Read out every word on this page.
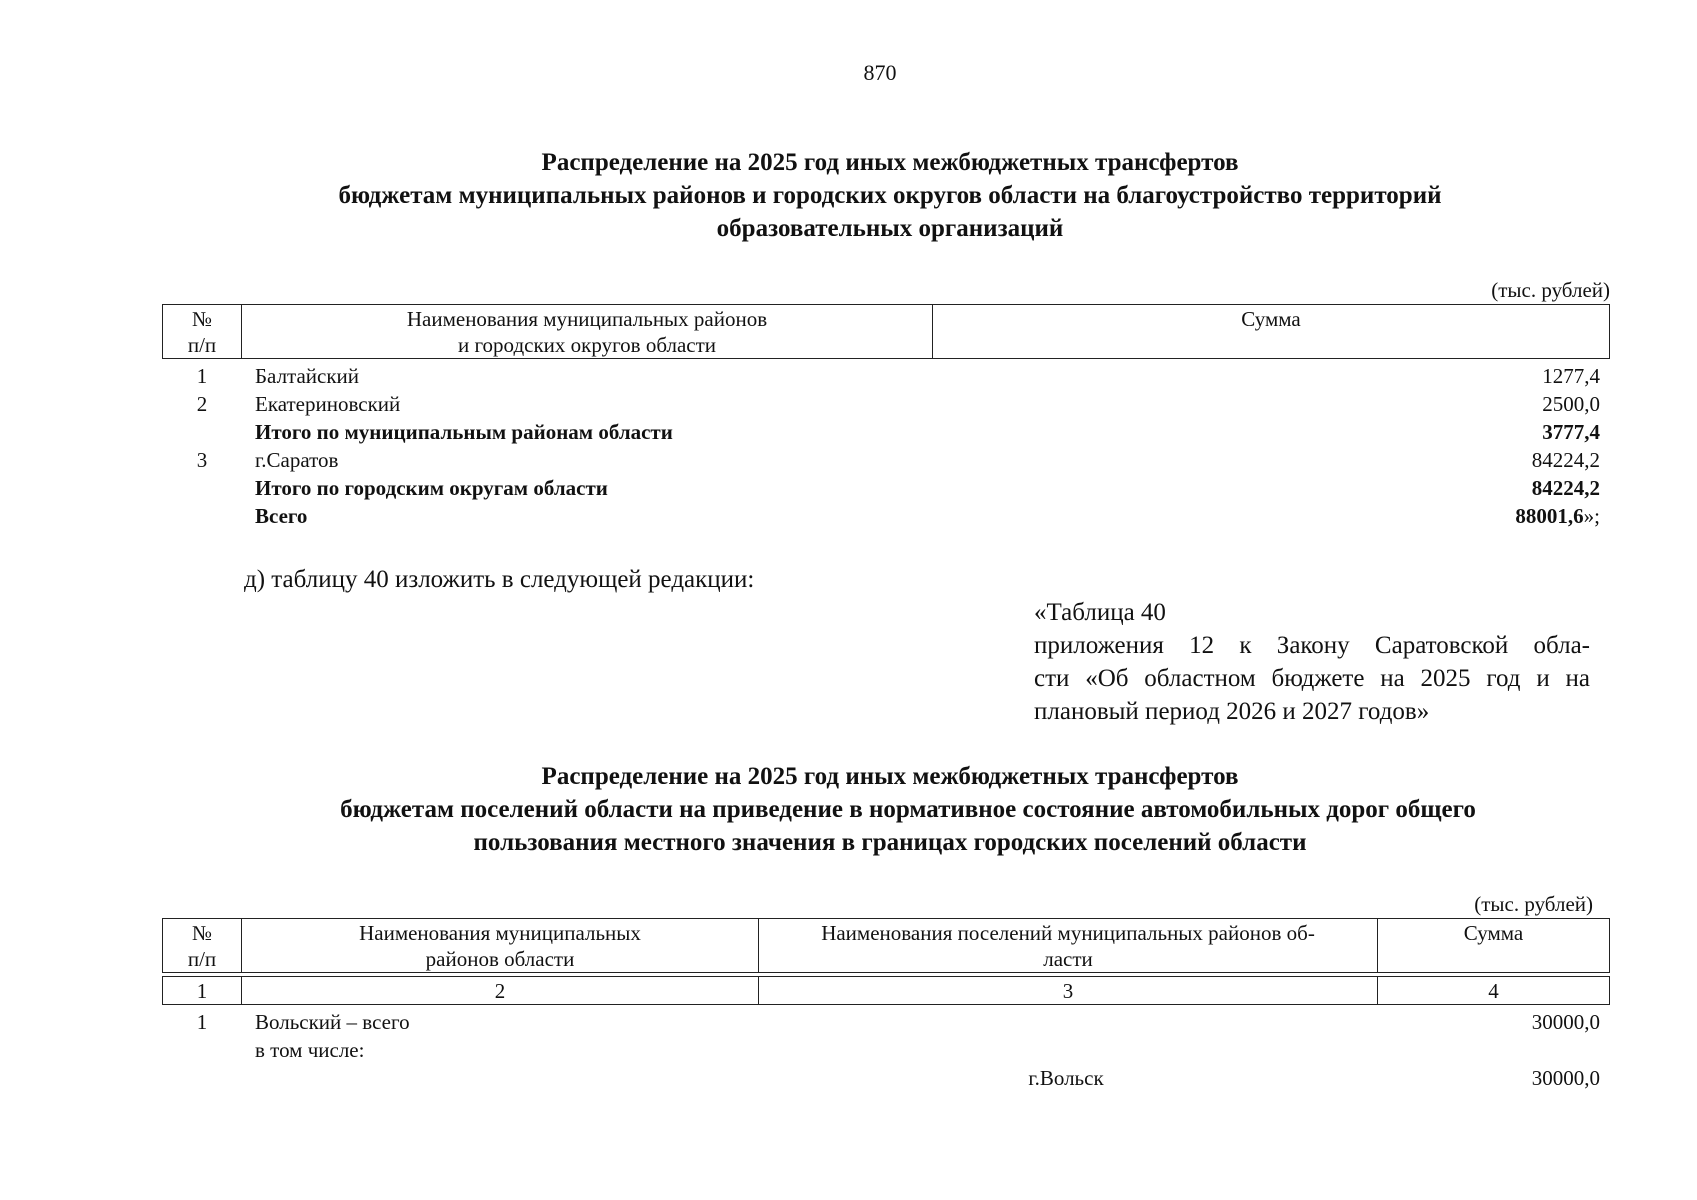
870
Распределение на 2025 год иных межбюджетных трансфертов
бюджетам муниципальных районов и городских округов области на благоустройство территорий
образовательных организаций
(тыс. рублей)
№
п/п

Наименования муниципальных районов
и городских округов области

Сумма

1	Балтайский	1277,4
2	Екатериновский	2500,0
	Итого по муниципальным районам области	3777,4
3	г.Саратов	84224,2
	Итого по городским округам области	84224,2
	Всего	88001,6»;
д) таблицу 40 изложить в следующей редакции:
«Таблица 40
приложения 12 к Закону Саратовской обла-
сти «Об областном бюджете на 2025 год и на
плановый период 2026 и 2027 годов»
Распределение на 2025 год иных межбюджетных трансфертов
бюджетам поселений области на приведение в нормативное состояние автомобильных дорог общего
пользования местного значения в границах городских поселений области
(тыс. рублей)
№
п/п

Наименования муниципальных
районов области

Наименования поселений муниципальных районов об-
ласти

Сумма

1	2	3	4
1	Вольский – всего		30000,0
	в том числе:		
		г.Вольск	30000,0
